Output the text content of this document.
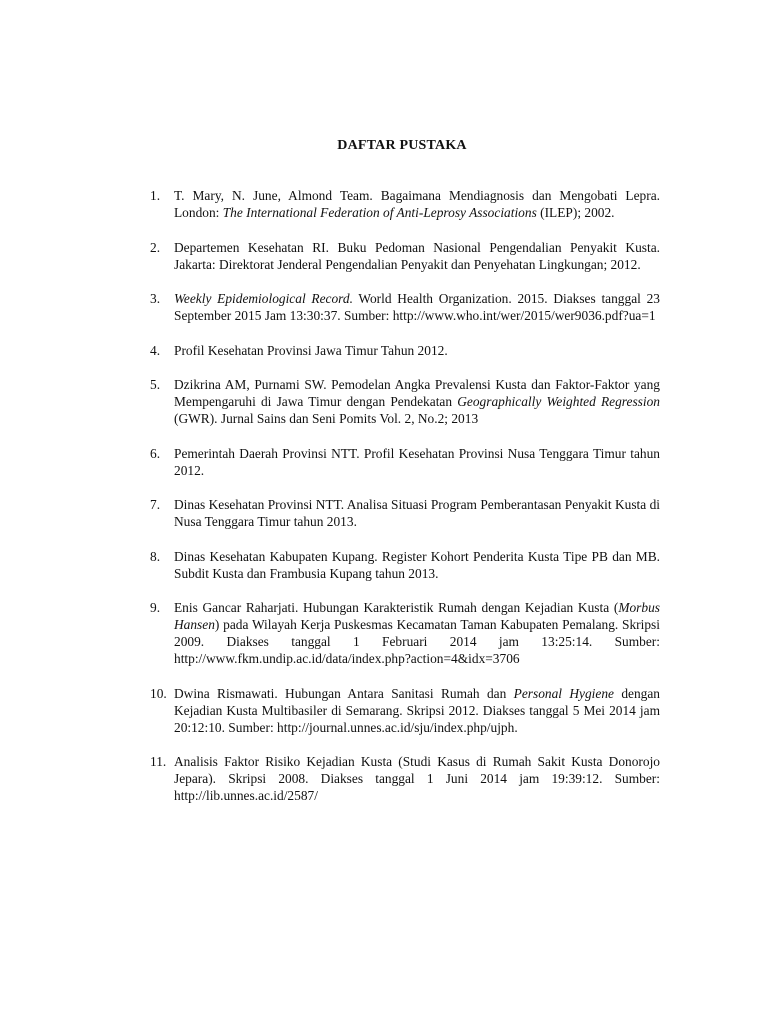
DAFTAR PUSTAKA
1. T. Mary, N. June, Almond Team. Bagaimana Mendiagnosis dan Mengobati Lepra. London: The International Federation of Anti-Leprosy Associations (ILEP); 2002.
2. Departemen Kesehatan RI. Buku Pedoman Nasional Pengendalian Penyakit Kusta. Jakarta: Direktorat Jenderal Pengendalian Penyakit dan Penyehatan Lingkungan; 2012.
3. Weekly Epidemiological Record. World Health Organization. 2015. Diakses tanggal 23 September 2015 Jam 13:30:37. Sumber: http://www.who.int/wer/2015/wer9036.pdf?ua=1
4. Profil Kesehatan Provinsi Jawa Timur Tahun 2012.
5. Dzikrina AM, Purnami SW. Pemodelan Angka Prevalensi Kusta dan Faktor-Faktor yang Mempengaruhi di Jawa Timur dengan Pendekatan Geographically Weighted Regression (GWR). Jurnal Sains dan Seni Pomits Vol. 2, No.2; 2013
6. Pemerintah Daerah Provinsi NTT. Profil Kesehatan Provinsi Nusa Tenggara Timur tahun 2012.
7. Dinas Kesehatan Provinsi NTT. Analisa Situasi Program Pemberantasan Penyakit Kusta di Nusa Tenggara Timur tahun 2013.
8. Dinas Kesehatan Kabupaten Kupang. Register Kohort Penderita Kusta Tipe PB dan MB. Subdit Kusta dan Frambusia Kupang tahun 2013.
9. Enis Gancar Raharjati. Hubungan Karakteristik Rumah dengan Kejadian Kusta (Morbus Hansen) pada Wilayah Kerja Puskesmas Kecamatan Taman Kabupaten Pemalang. Skripsi 2009. Diakses tanggal 1 Februari 2014 jam 13:25:14. Sumber: http://www.fkm.undip.ac.id/data/index.php?action=4&idx=3706
10. Dwina Rismawati. Hubungan Antara Sanitasi Rumah dan Personal Hygiene dengan Kejadian Kusta Multibasiler di Semarang. Skripsi 2012. Diakses tanggal 5 Mei 2014 jam 20:12:10. Sumber: http://journal.unnes.ac.id/sju/index.php/ujph.
11. Analisis Faktor Risiko Kejadian Kusta (Studi Kasus di Rumah Sakit Kusta Donorojo Jepara). Skripsi 2008. Diakses tanggal 1 Juni 2014 jam 19:39:12. Sumber: http://lib.unnes.ac.id/2587/
